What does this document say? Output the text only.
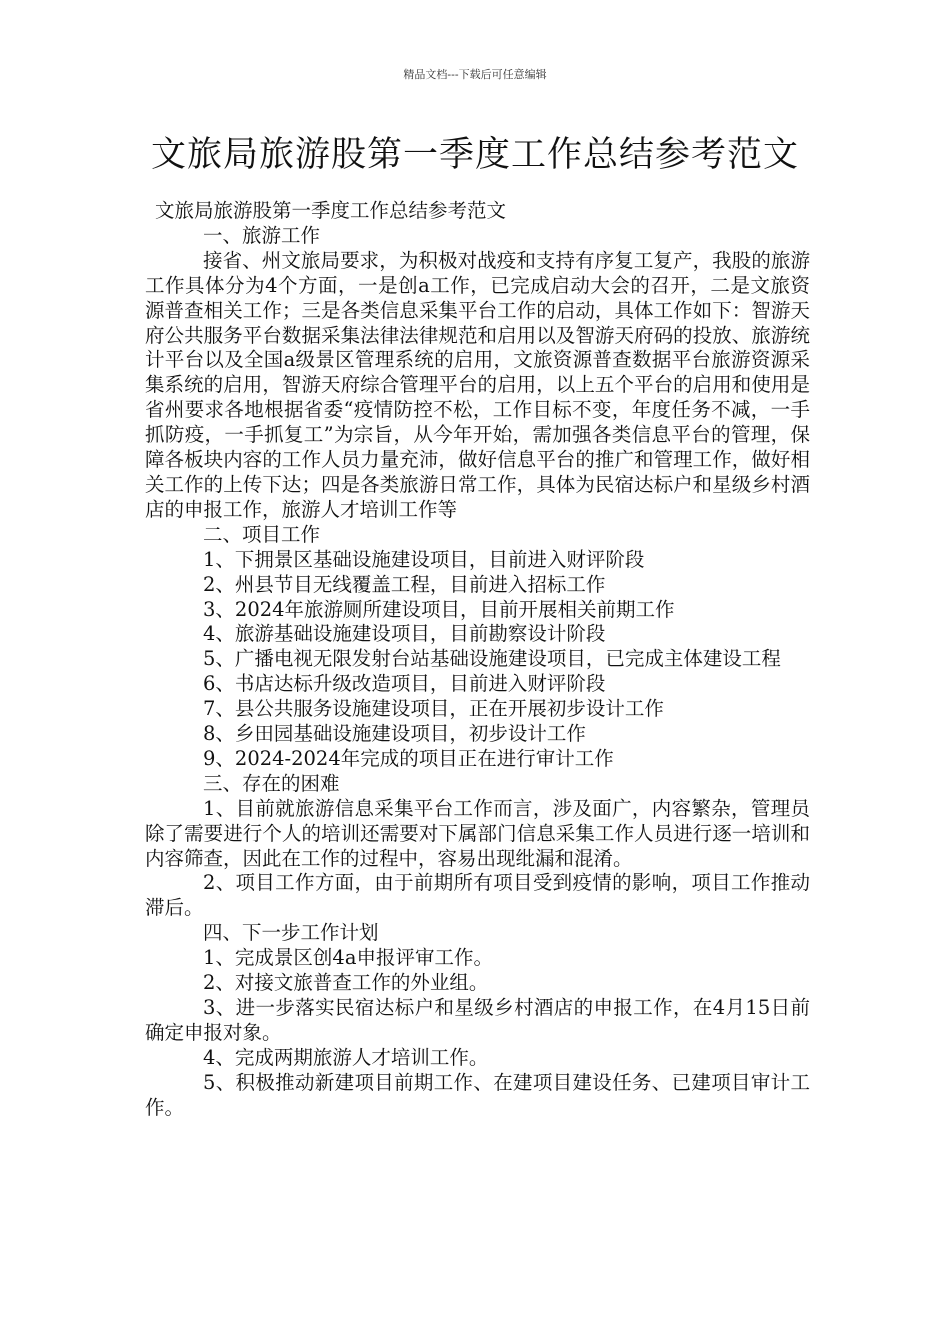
精品文档---下载后可任意编辑
文旅局旅游股第一季度工作总结参考范文

文旅局旅游股第一季度工作总结参考范文

一、旅游工作

接省、州文旅局要求，为积极对战疫和支持有序复工复产，我股的旅游工作具体分为4个方面，一是创a工作，已完成启动大会的召开，二是文旅资源普查相关工作；三是各类信息采集平台工作的启动，具体工作如下：智游天府公共服务平台数据采集法律法律规范和启用以及智游天府码的投放、旅游统计平台以及全国a级景区管理系统的启用，文旅资源普查数据平台旅游资源采集系统的启用，智游天府综合管理平台的启用，以上五个平台的启用和使用是省州要求各地根据省委“疫情防控不松，工作目标不变，年度任务不减，一手抓防疫，一手抓复工”为宗旨，从今年开始，需加强各类信息平台的管理，保障各板块内容的工作人员力量充沛，做好信息平台的推广和管理工作，做好相关工作的上传下达；四是各类旅游日常工作，具体为民宿达标户和星级乡村酒店的申报工作，旅游人才培训工作等

二、项目工作

1、下拥景区基础设施建设项目，目前进入财评阶段

2、州县节目无线覆盖工程，目前进入招标工作

3、2024年旅游厕所建设项目，目前开展相关前期工作

4、旅游基础设施建设项目，目前勘察设计阶段

5、广播电视无限发射台站基础设施建设项目，已完成主体建设工程

6、书店达标升级改造项目，目前进入财评阶段

7、县公共服务设施建设项目，正在开展初步设计工作

8、乡田园基础设施建设项目，初步设计工作

9、2024-2024年完成的项目正在进行审计工作

三、存在的困难

1、目前就旅游信息采集平台工作而言，涉及面广，内容繁杂，管理员除了需要进行个人的培训还需要对下属部门信息采集工作人员进行逐一培训和内容筛查，因此在工作的过程中，容易出现纰漏和混淆。

2、项目工作方面，由于前期所有项目受到疫情的影响，项目工作推动滞后。

四、下一步工作计划

1、完成景区创4a申报评审工作。

2、对接文旅普查工作的外业组。

3、进一步落实民宿达标户和星级乡村酒店的申报工作，在4月15日前确定申报对象。

4、完成两期旅游人才培训工作。

5、积极推动新建项目前期工作、在建项目建设任务、已建项目审计工作。
